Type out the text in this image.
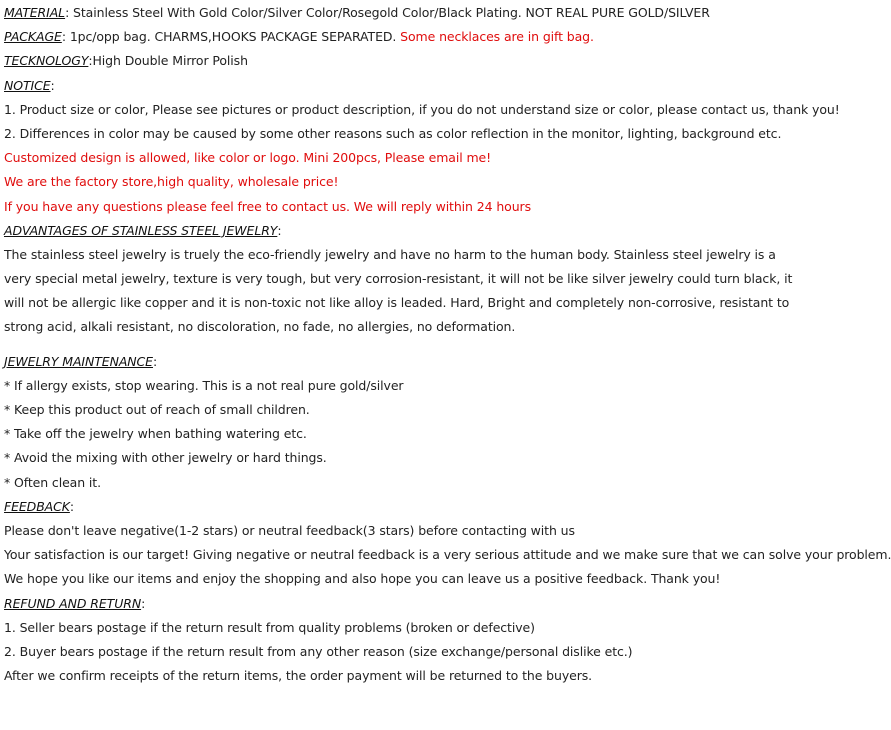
MATERIAL: Stainless Steel With Gold Color/Silver Color/Rosegold Color/Black Plating. NOT REAL PURE GOLD/SILVER
PACKAGE: 1pc/opp bag. CHARMS,HOOKS PACKAGE SEPARATED. Some necklaces are in gift bag.
TECKNOLOGY:High Double Mirror Polish
NOTICE:
1. Product size or color, Please see pictures or product description, if you do not understand size or color, please contact us, thank you!
2. Differences in color may be caused by some other reasons such as color reflection in the monitor, lighting, background etc.
Customized design is allowed, like color or logo. Mini 200pcs, Please email me!
We are the factory store,high quality, wholesale price!
If you have any questions please feel free to contact us. We will reply within 24 hours
ADVANTAGES OF STAINLESS STEEL JEWELRY:
The stainless steel jewelry is truely the eco-friendly jewelry and have no harm to the human body. Stainless steel jewelry is a very special metal jewelry, texture is very tough, but very corrosion-resistant, it will not be like silver jewelry could turn black, it will not be allergic like copper and it is non-toxic not like alloy is leaded. Hard, Bright and completely non-corrosive, resistant to strong acid, alkali resistant, no discoloration, no fade, no allergies, no deformation.
JEWELRY MAINTENANCE:
* If allergy exists, stop wearing. This is a not real pure gold/silver
* Keep this product out of reach of small children.
* Take off the jewelry when bathing watering etc.
* Avoid the mixing with other jewelry or hard things.
* Often clean it.
FEEDBACK:
Please don't leave negative(1-2 stars) or neutral feedback(3 stars) before contacting with us
Your satisfaction is our target! Giving negative or neutral feedback is a very serious attitude and we make sure that we can solve your problem.
We hope you like our items and enjoy the shopping and also hope you can leave us a positive feedback. Thank you!
REFUND AND RETURN:
1. Seller bears postage if the return result from quality problems (broken or defective)
2. Buyer bears postage if the return result from any other reason (size exchange/personal dislike etc.)
After we confirm receipts of the return items, the order payment will be returned to the buyers.
